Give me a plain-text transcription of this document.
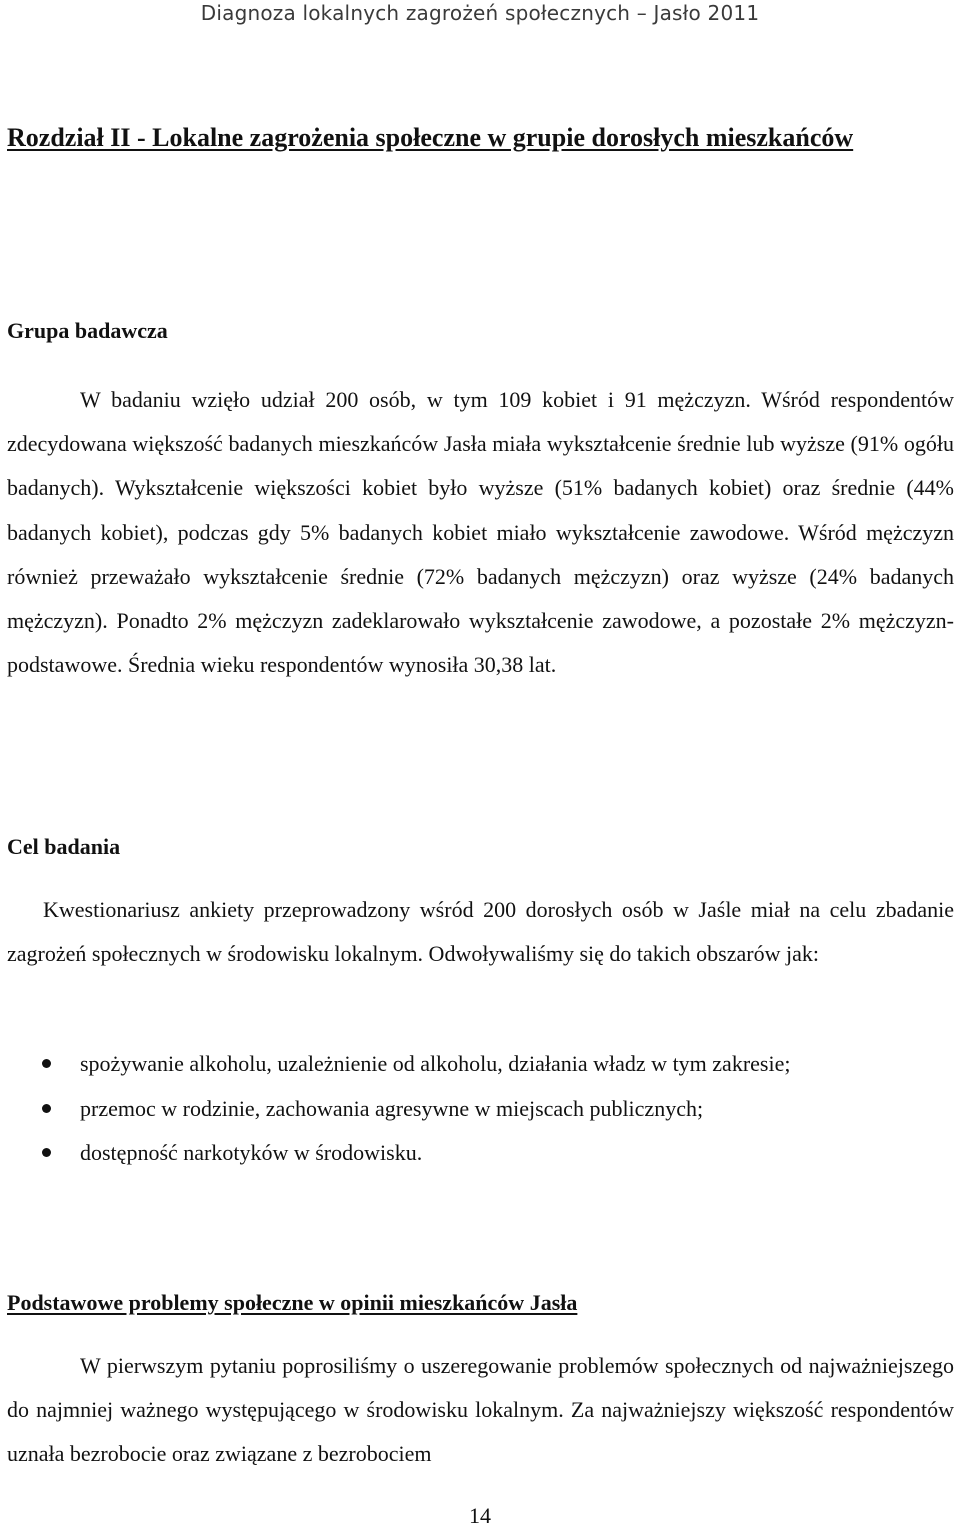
Diagnoza lokalnych zagrożeń społecznych – Jasło 2011
Rozdział II - Lokalne zagrożenia społeczne w grupie dorosłych mieszkańców
Grupa badawcza

W badaniu wzięło udział 200 osób, w tym 109 kobiet i 91 mężczyzn. Wśród respondentów zdecydowana większość badanych mieszkańców Jasła miała wykształcenie średnie lub wyższe (91% ogółu badanych). Wykształcenie większości kobiet było wyższe (51% badanych kobiet) oraz średnie (44% badanych kobiet), podczas gdy 5% badanych kobiet miało wykształcenie zawodowe. Wśród mężczyzn również przeważało wykształcenie średnie (72% badanych mężczyzn) oraz wyższe (24% badanych mężczyzn). Ponadto 2% mężczyzn zadeklarowało wykształcenie zawodowe, a pozostałe 2% mężczyzn- podstawowe. Średnia wieku respondentów wynosiła 30,38 lat.

Cel badania

Kwestionariusz ankiety przeprowadzony wśród 200 dorosłych osób w Jaśle miał na celu zbadanie zagrożeń społecznych w środowisku lokalnym. Odwoływaliśmy się do takich obszarów jak:

spożywanie alkoholu, uzależnienie od alkoholu, działania władz w tym zakresie;
przemoc w rodzinie, zachowania agresywne w miejscach publicznych;
dostępność narkotyków w środowisku.
Podstawowe problemy społeczne w opinii mieszkańców Jasła

W pierwszym pytaniu poprosiliśmy o uszeregowanie problemów społecznych od najważniejszego do najmniej ważnego występującego w środowisku lokalnym. Za najważniejszy większość respondentów uznała bezrobocie oraz związane z bezrobociem

14
